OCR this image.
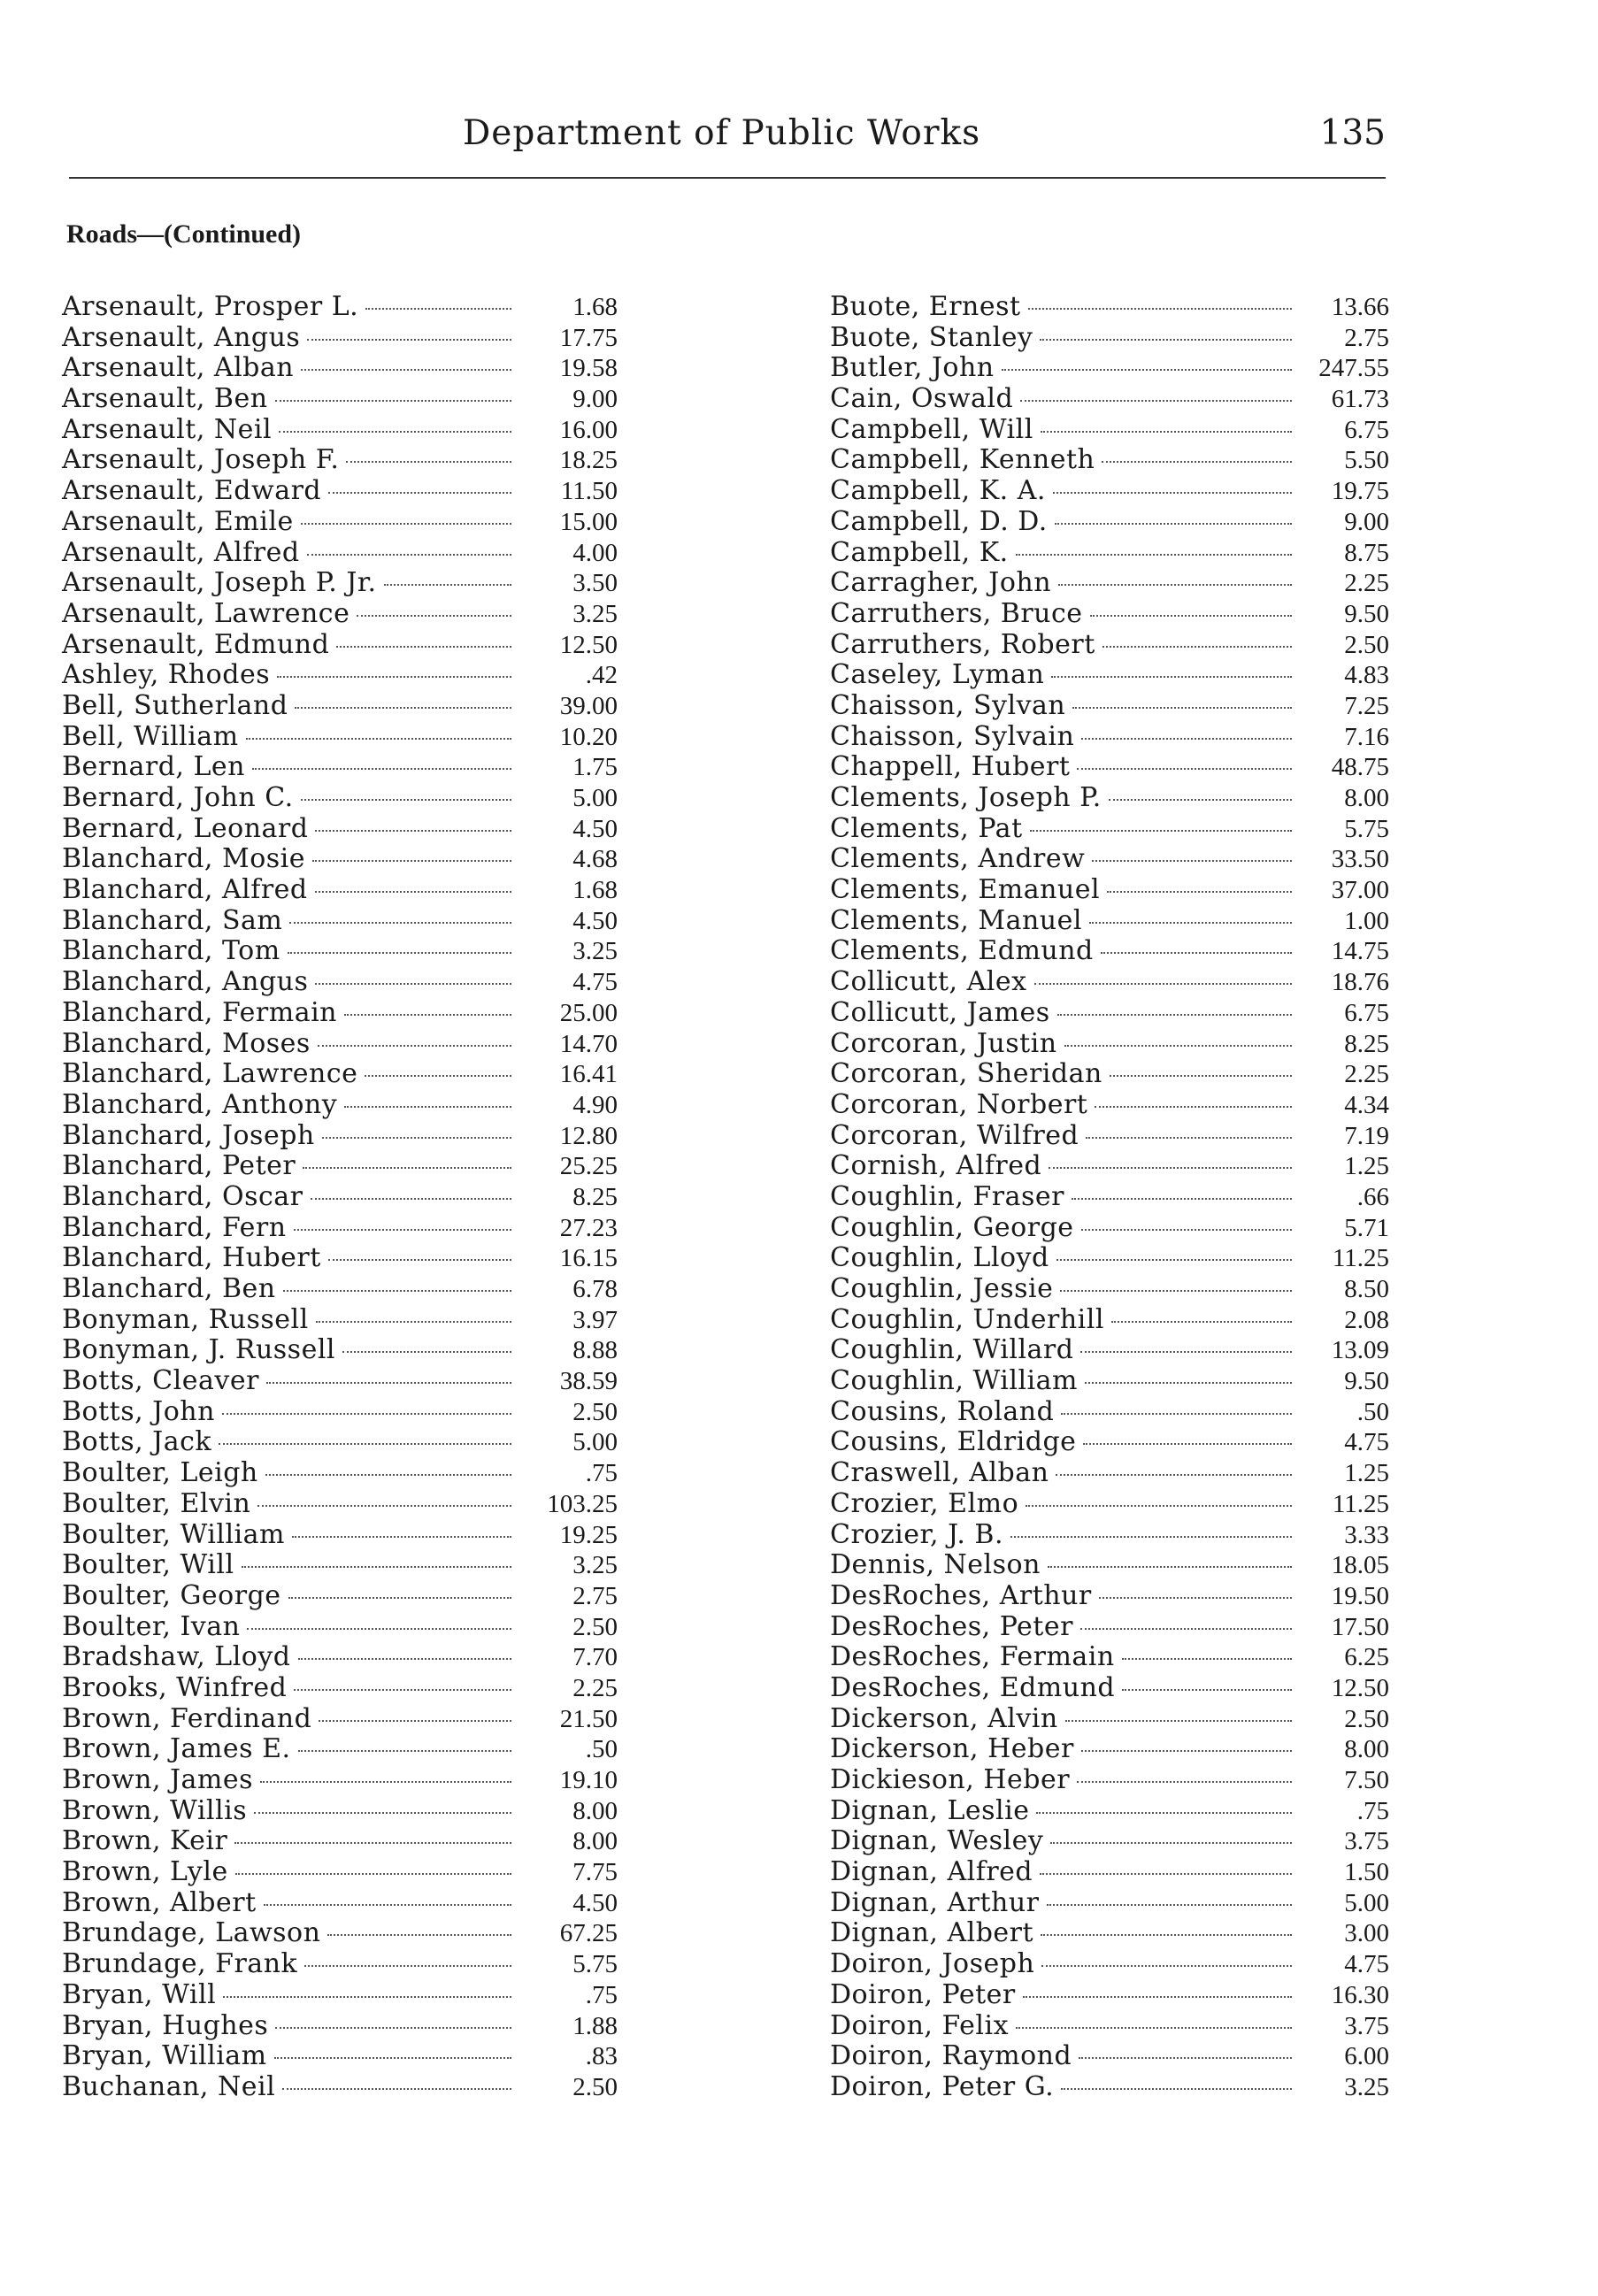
Department of Public Works	135
Roads—(Continued)
Arsenault, Prosper L.	1.68
Arsenault, Angus	17.75
Arsenault, Alban	19.58
Arsenault, Ben	9.00
Arsenault, Neil	16.00
Arsenault, Joseph F.	18.25
Arsenault, Edward	11.50
Arsenault, Emile	15.00
Arsenault, Alfred	4.00
Arsenault, Joseph P. Jr.	3.50
Arsenault, Lawrence	3.25
Arsenault, Edmund	12.50
Ashley, Rhodes	.42
Bell, Sutherland	39.00
Bell, William	10.20
Bernard, Len	1.75
Bernard, John C.	5.00
Bernard, Leonard	4.50
Blanchard, Mosie	4.68
Blanchard, Alfred	1.68
Blanchard, Sam	4.50
Blanchard, Tom	3.25
Blanchard, Angus	4.75
Blanchard, Fermain	25.00
Blanchard, Moses	14.70
Blanchard, Lawrence	16.41
Blanchard, Anthony	4.90
Blanchard, Joseph	12.80
Blanchard, Peter	25.25
Blanchard, Oscar	8.25
Blanchard, Fern	27.23
Blanchard, Hubert	16.15
Blanchard, Ben	6.78
Bonyman, Russell	3.97
Bonyman, J. Russell	8.88
Botts, Cleaver	38.59
Botts, John	2.50
Botts, Jack	5.00
Boulter, Leigh	.75
Boulter, Elvin	103.25
Boulter, William	19.25
Boulter, Will	3.25
Boulter, George	2.75
Boulter, Ivan	2.50
Bradshaw, Lloyd	7.70
Brooks, Winfred	2.25
Brown, Ferdinand	21.50
Brown, James E.	.50
Brown, James	19.10
Brown, Willis	8.00
Brown, Keir	8.00
Brown, Lyle	7.75
Brown, Albert	4.50
Brundage, Lawson	67.25
Brundage, Frank	5.75
Bryan, Will	.75
Bryan, Hughes	1.88
Bryan, William	.83
Buchanan, Neil	2.50
Buote, Ernest	13.66
Buote, Stanley	2.75
Butler, John	247.55
Cain, Oswald	61.73
Campbell, Will	6.75
Campbell, Kenneth	5.50
Campbell, K. A.	19.75
Campbell, D. D.	9.00
Campbell, K.	8.75
Carragher, John	2.25
Carruthers, Bruce	9.50
Carruthers, Robert	2.50
Caseley, Lyman	4.83
Chaisson, Sylvan	7.25
Chaisson, Sylvain	7.16
Chappell, Hubert	48.75
Clements, Joseph P.	8.00
Clements, Pat	5.75
Clements, Andrew	33.50
Clements, Emanuel	37.00
Clements, Manuel	1.00
Clements, Edmund	14.75
Collicutt, Alex	18.76
Collicutt, James	6.75
Corcoran, Justin	8.25
Corcoran, Sheridan	2.25
Corcoran, Norbert	4.34
Corcoran, Wilfred	7.19
Cornish, Alfred	1.25
Coughlin, Fraser	.66
Coughlin, George	5.71
Coughlin, Lloyd	11.25
Coughlin, Jessie	8.50
Coughlin, Underhill	2.08
Coughlin, Willard	13.09
Coughlin, William	9.50
Cousins, Roland	.50
Cousins, Eldridge	4.75
Craswell, Alban	1.25
Crozier, Elmo	11.25
Crozier, J. B.	3.33
Dennis, Nelson	18.05
DesRoches, Arthur	19.50
DesRoches, Peter	17.50
DesRoches, Fermain	6.25
DesRoches, Edmund	12.50
Dickerson, Alvin	2.50
Dickerson, Heber	8.00
Dickieson, Heber	7.50
Dignan, Leslie	.75
Dignan, Wesley	3.75
Dignan, Alfred	1.50
Dignan, Arthur	5.00
Dignan, Albert	3.00
Doiron, Joseph	4.75
Doiron, Peter	16.30
Doiron, Felix	3.75
Doiron, Raymond	6.00
Doiron, Peter G.	3.25
